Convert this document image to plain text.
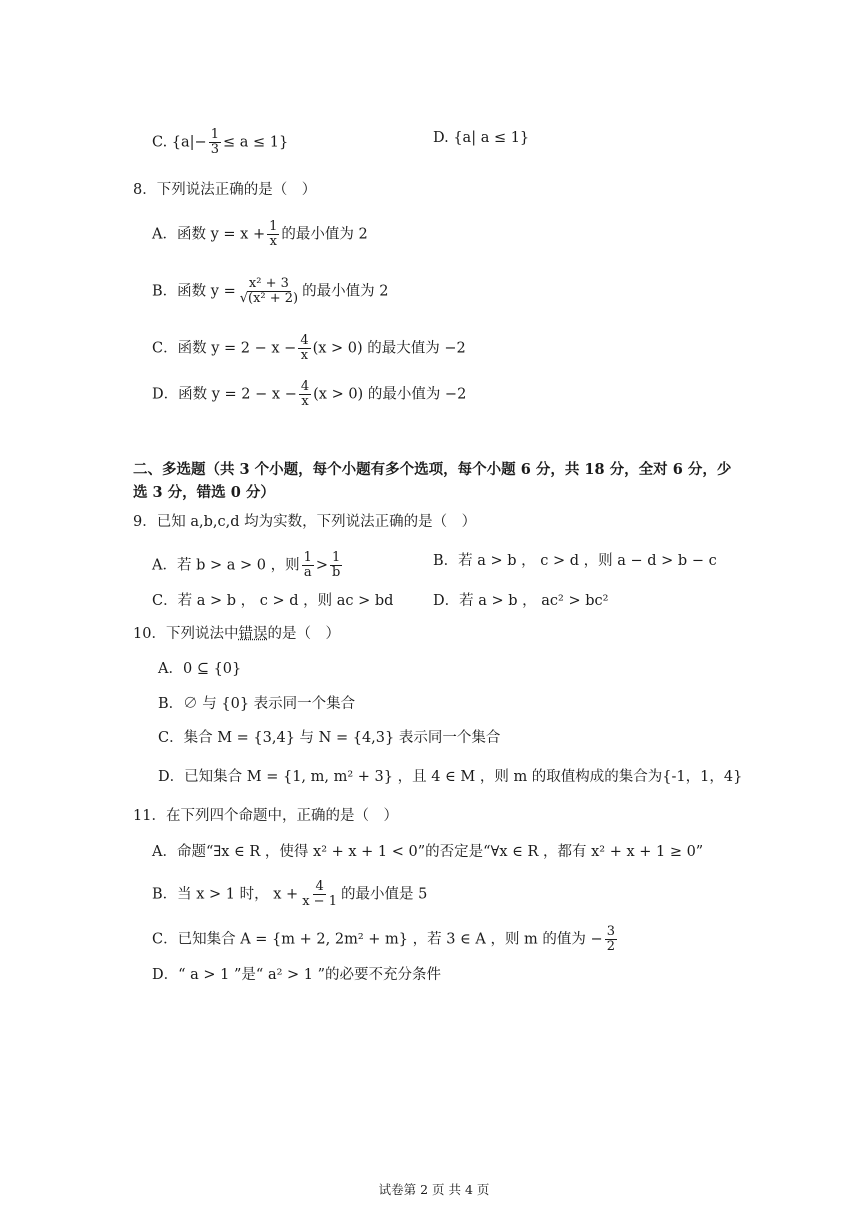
C. $\{a|- \frac{1}{3} \le a \le 1\}$	D. {a| a ≤ 1}
8．下列说法正确的是（　）
A．函数 $y = x + \frac{1}{x}$ 的最小值为 2
B．函数 $y = \frac{\text{x² + 3}}{\text{√(x² + 2)}}$ 的最小值为 2
C．函数 $y = 2 - x - \frac{4}{x} (x > 0)$ 的最大值为 −2
D．函数 $y = 2 - x - \frac{4}{x} (x > 0)$ 的最小值为 −2
二、多选题（共 3 个小题，每个小题有多个选项，每个小题 6 分，共 18 分，全对 6 分，少
选 3 分，错选 0 分）
9．已知 a,b,c,d 均为实数，下列说法正确的是（　）
A．若 b > a > 0 ，则 $\frac{1}{a} > \frac{1}{b}$	B．若 a > b ， c > d ，则 a − d > b − c
C．若 a > b ， c > d ，则 ac > bd	D．若 a > b ， ac² > bc²
10．下列说法中错误的是（　）
A．0 ⊆ {0}
B．∅ 与 {0} 表示同一个集合
C．集合 M = {3,4} 与 N = {4,3} 表示同一个集合
D．已知集合 M = {1, m, m² + 3} ，且 4 ∈ M ，则 m 的取值构成的集合为{-1，1，4}
11．在下列四个命题中，正确的是（　）
A．命题“∃x ∈ R ，使得 x² + x + 1 < 0”的否定是“∀x ∈ R ，都有 x² + x + 1 ≥ 0”
B．当 x > 1 时， $x + \frac{4}{x - 1}$ 的最小值是 5
C．已知集合 A = {m + 2, 2m² + m} ，若 3 ∈ A ，则 m 的值为 − $\frac{3}{2}$
D．“ a > 1 ”是“ a² > 1 ”的必要不充分条件
试卷第 2 页 共 4 页
